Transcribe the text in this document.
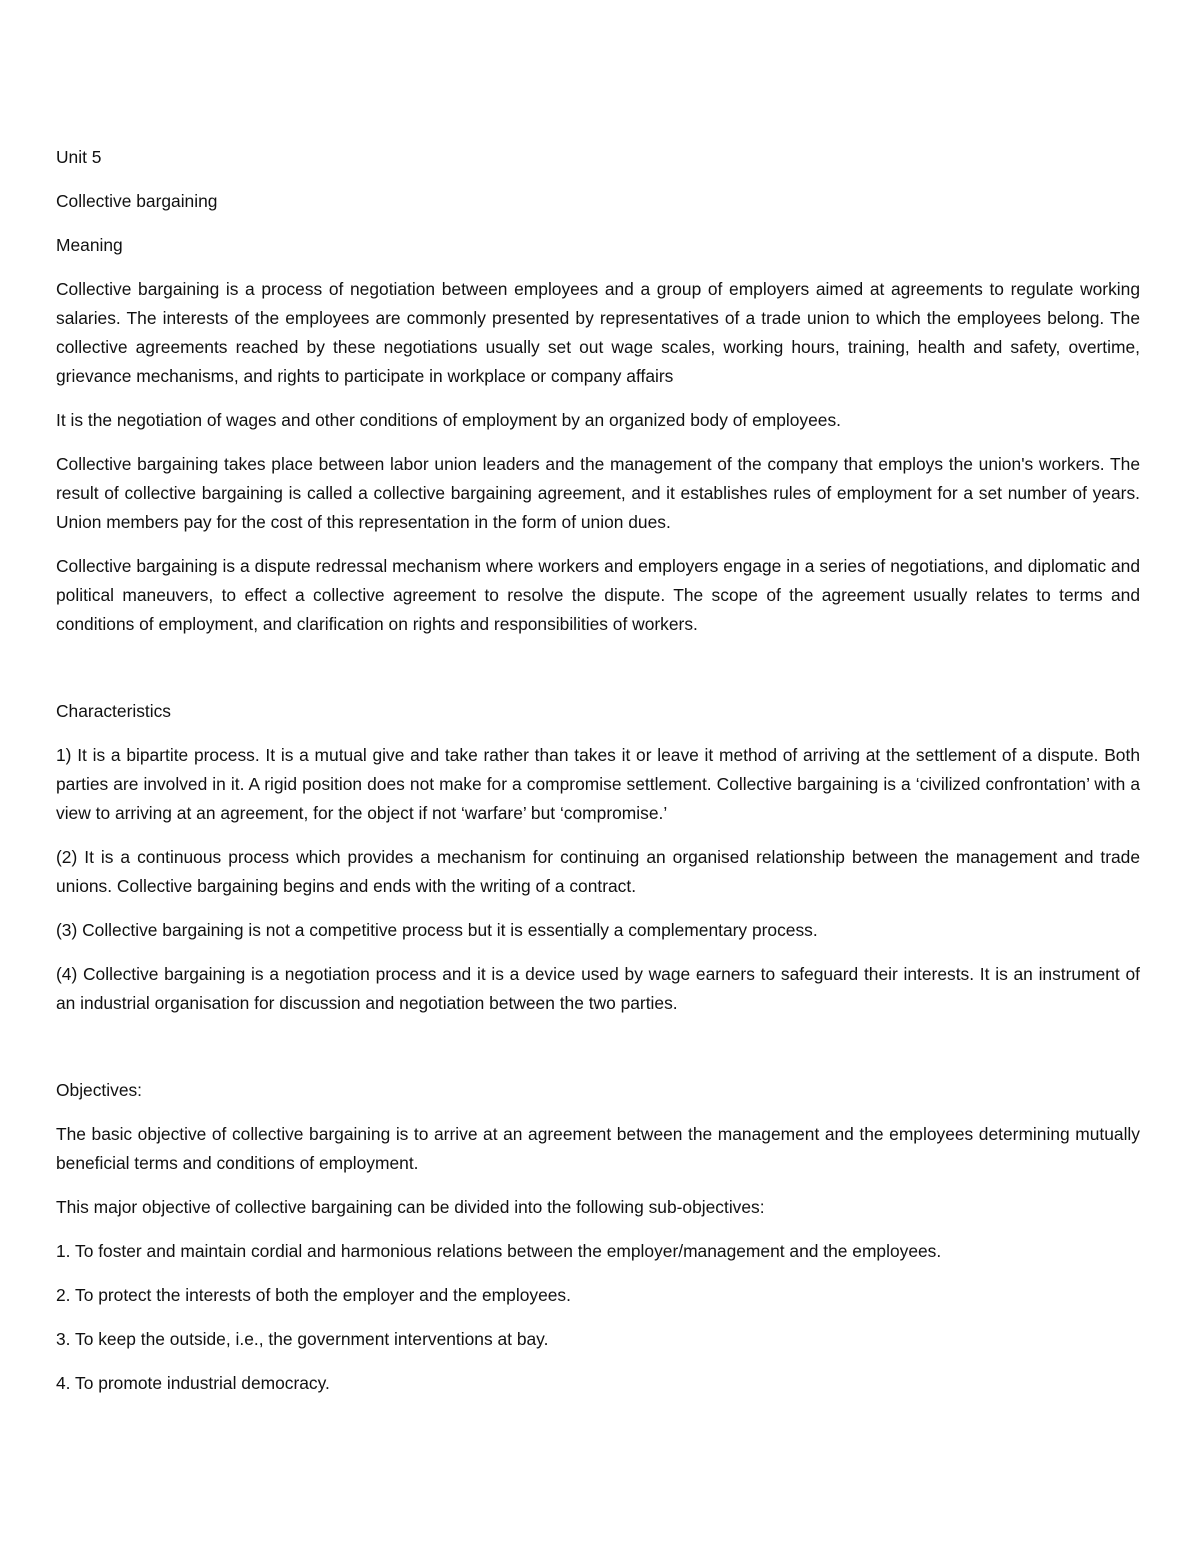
Unit 5

Collective bargaining

Meaning

Collective bargaining is a process of negotiation between employees and a group of employers aimed at agreements to regulate working salaries. The interests of the employees are commonly presented by representatives of a trade union to which the employees belong. The collective agreements reached by these negotiations usually set out wage scales, working hours, training, health and safety, overtime, grievance mechanisms, and rights to participate in workplace or company affairs

It is the negotiation of wages and other conditions of employment by an organized body of employees.

Collective bargaining takes place between labor union leaders and the management of the company that employs the union's workers. The result of collective bargaining is called a collective bargaining agreement, and it establishes rules of employment for a set number of years. Union members pay for the cost of this representation in the form of union dues.

Collective bargaining is a dispute redressal mechanism where workers and employers engage in a series of negotiations, and diplomatic and political maneuvers, to effect a collective agreement to resolve the dispute. The scope of the agreement usually relates to terms and conditions of employment, and clarification on rights and responsibilities of workers.

Characteristics

1) It is a bipartite process. It is a mutual give and take rather than takes it or leave it method of arriving at the settlement of a dispute. Both parties are involved in it. A rigid position does not make for a compromise settlement. Collective bargaining is a ‘civilized confrontation’ with a view to arriving at an agreement, for the object if not ‘warfare’ but ‘compromise.’

(2) It is a continuous process which provides a mechanism for continuing an organised relationship between the management and trade unions. Collective bargaining begins and ends with the writing of a contract.

(3) Collective bargaining is not a competitive process but it is essentially a complementary process.

(4) Collective bargaining is a negotiation process and it is a device used by wage earners to safeguard their interests. It is an instrument of an industrial organisation for discussion and negotiation between the two parties.

Objectives:

The basic objective of collective bargaining is to arrive at an agreement between the management and the employees determining mutually beneficial terms and conditions of employment.

This major objective of collective bargaining can be divided into the following sub-objectives:

1. To foster and maintain cordial and harmonious relations between the employer/management and the employees.

2. To protect the interests of both the employer and the employees.

3. To keep the outside, i.e., the government interventions at bay.

4. To promote industrial democracy.
